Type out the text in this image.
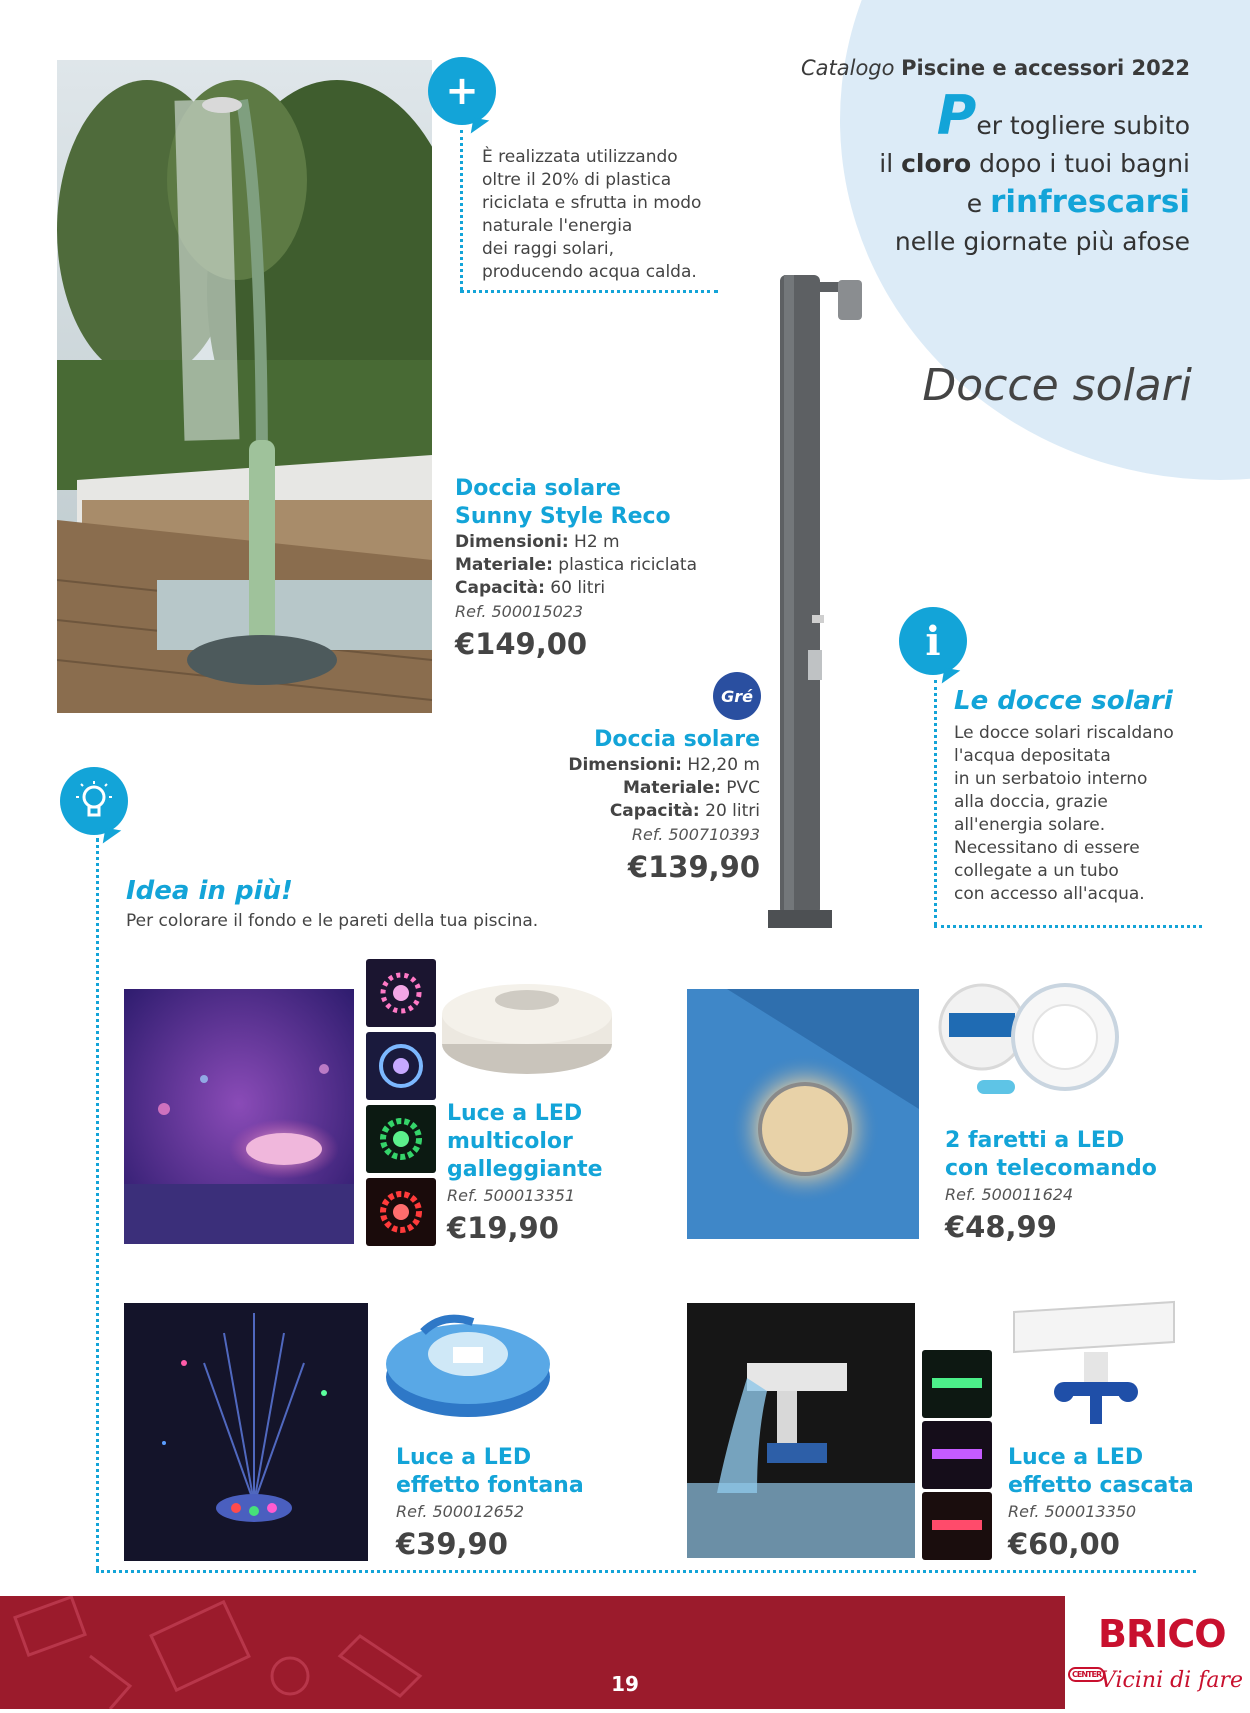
Catalogo Piscine e accessori 2022
Per togliere subito
il cloro dopo i tuoi bagni
e rinfrescarsi
nelle giornate più afose
Docce solari
+
È realizzata utilizzando
oltre il 20% di plastica
riciclata e sfrutta in modo
naturale l'energia
dei raggi solari,
producendo acqua calda.
Doccia solare
Sunny Style Reco
Dimensioni: H2 m
Materiale: plastica riciclata
Capacità: 60 litri
Ref. 500015023
€149,00
Gré
Doccia solare
Dimensioni: H2,20 m
Materiale: PVC
Capacità: 20 litri
Ref. 500710393
€139,90
i
Le docce solari
Le docce solari riscaldano
l'acqua depositata
in un serbatoio interno
alla doccia, grazie
all'energia solare.
Necessitano di essere
collegate a un tubo
con accesso all'acqua.
Idea in più!
Per colorare il fondo e le pareti della tua piscina.
Luce a LED
multicolor
galleggiante
Ref. 500013351
€19,90
2 faretti a LED
con telecomando
Ref. 500011624
€48,99
Luce a LED
effetto fontana
Ref. 500012652
€39,90
Luce a LED
effetto cascata
Ref. 500013350
€60,00
19
BRICO $^{CENTER}$
Vicini di fare
